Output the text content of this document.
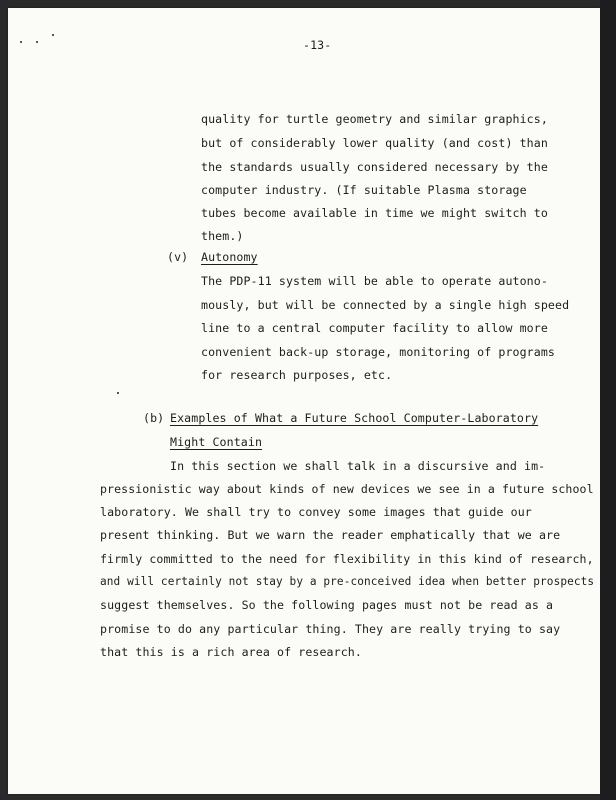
-13-
quality for turtle geometry and similar graphics,
but of considerably lower quality (and cost) than
the standards usually considered necessary by the
computer industry. (If suitable Plasma storage
tubes become available in time we might switch to
them.)
(v) Autonomy
The PDP-11 system will be able to operate autono-
mously, but will be connected by a single high speed
line to a central computer facility to allow more
convenient back-up storage, monitoring of programs
for research purposes, etc.
(b) Examples of What a Future School Computer-Laboratory
Might Contain
In this section we shall talk in a discursive and im-
pressionistic way about kinds of new devices we see in a future school
laboratory. We shall try to convey some images that guide our
present thinking. But we warn the reader emphatically that we are
firmly committed to the need for flexibility in this kind of research,
and will certainly not stay by a pre-conceived idea when better prospects
suggest themselves. So the following pages must not be read as a
promise to do any particular thing. They are really trying to say
that this is a rich area of research.
